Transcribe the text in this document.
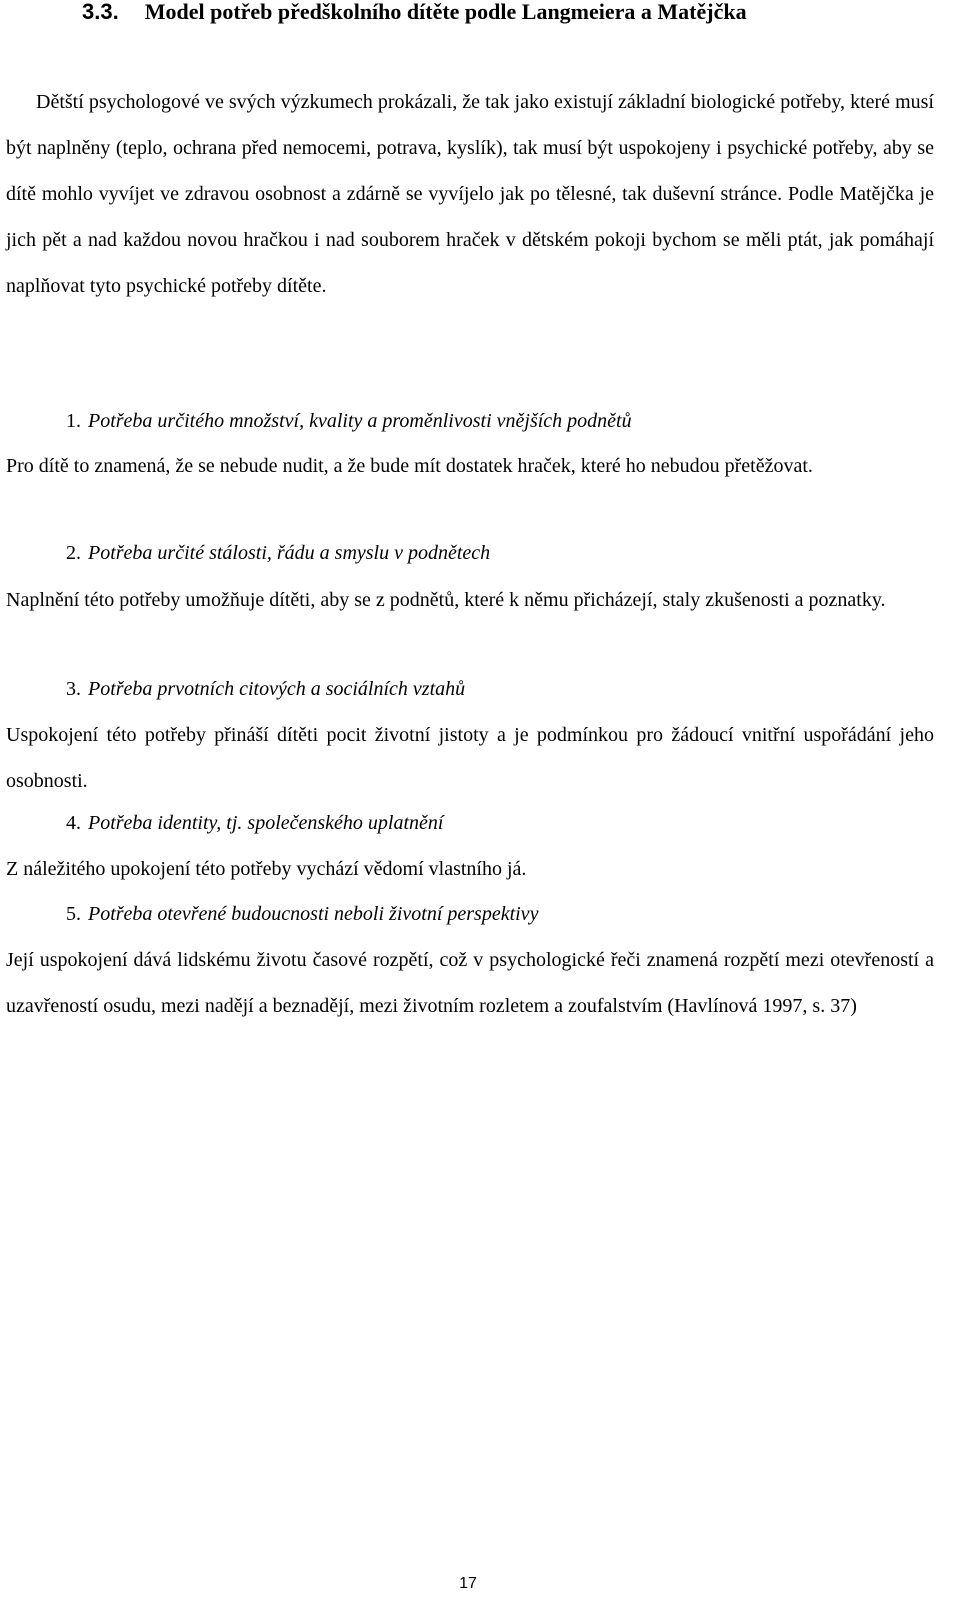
3.3. Model potřeb předškolního dítěte podle Langmeiera a Matějčka

Dětští psychologové ve svých výzkumech prokázali, že tak jako existují základní biologické potřeby, které musí být naplněny (teplo, ochrana před nemocemi, potrava, kyslík), tak musí být uspokojeny i psychické potřeby, aby se dítě mohlo vyvíjet ve zdravou osobnost a zdárně se vyvíjelo jak po tělesné, tak duševní stránce. Podle Matějčka je jich pět a nad každou novou hračkou i nad souborem hraček v dětském pokoji bychom se měli ptát, jak pomáhají naplňovat tyto psychické potřeby dítěte.

1. Potřeba určitého množství, kvality a proměnlivosti vnějších podnětů

Pro dítě to znamená, že se nebude nudit, a že bude mít dostatek hraček, které ho nebudou přetěžovat.

2. Potřeba určité stálosti, řádu a smyslu v podnětech

Naplnění této potřeby umožňuje dítěti, aby se z podnětů, které k němu přicházejí, staly zkušenosti a poznatky.

3. Potřeba prvotních citových a sociálních vztahů

Uspokojení této potřeby přináší dítěti pocit životní jistoty a je podmínkou pro žádoucí vnitřní uspořádání jeho osobnosti.

4. Potřeba identity, tj. společenského uplatnění

Z náležitého upokojení této potřeby vychází vědomí vlastního já.

5. Potřeba otevřené budoucnosti neboli životní perspektivy

Její uspokojení dává lidskému životu časové rozpětí, což v psychologické řeči znamená rozpětí mezi otevřeností a uzavřeností osudu, mezi nadějí a beznadějí, mezi životním rozletem a zoufalstvím (Havlínová 1997, s. 37)

17
